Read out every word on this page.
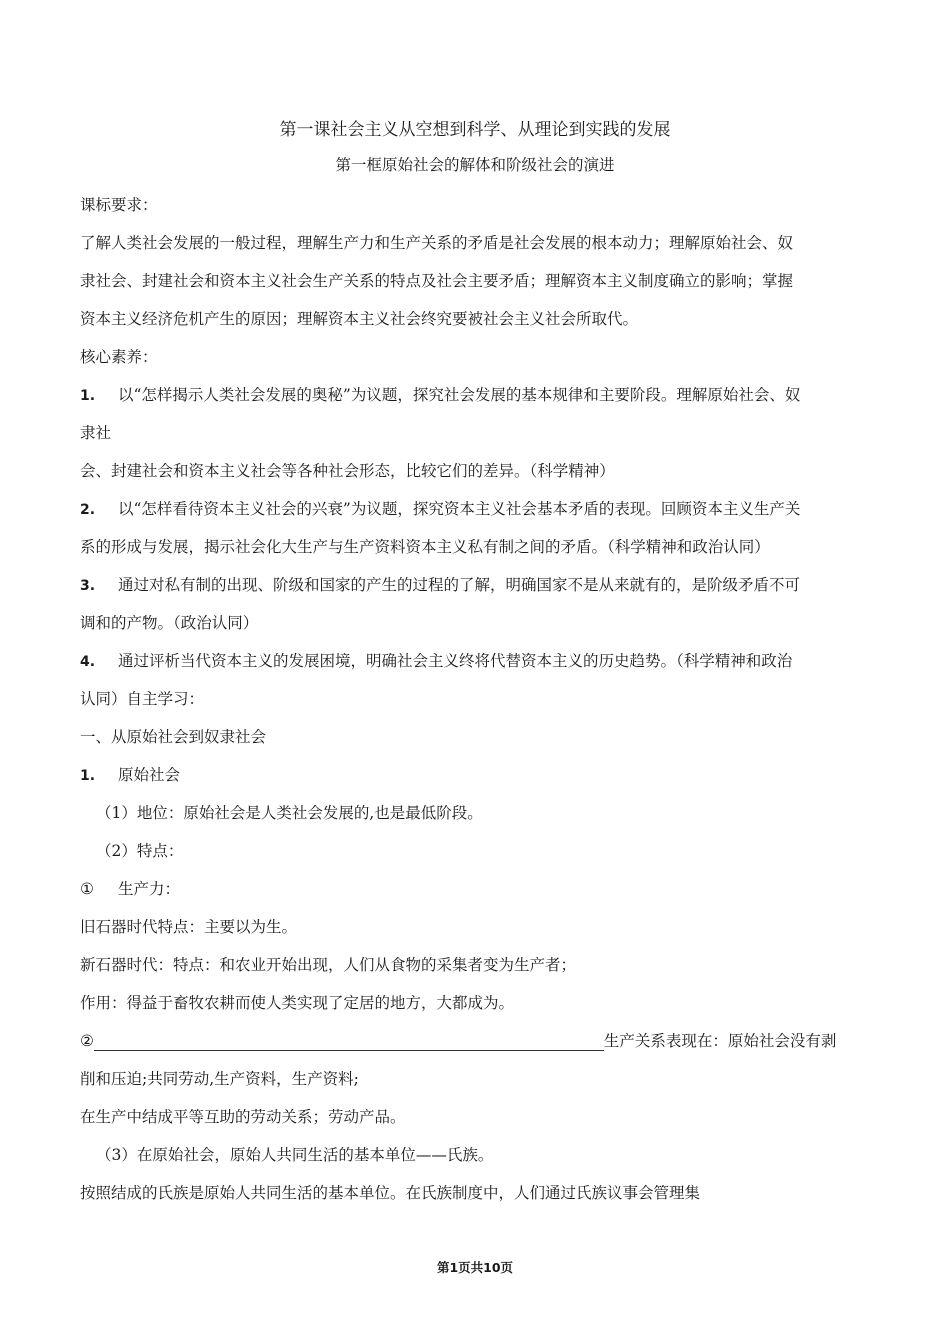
第一课社会主义从空想到科学、从理论到实践的发展
第一框原始社会的解体和阶级社会的演进
课标要求：
了解人类社会发展的一般过程，理解生产力和生产关系的矛盾是社会发展的根本动力；理解原始社会、奴
隶社会、封建社会和资本主义社会生产关系的特点及社会主要矛盾；理解资本主义制度确立的影响；掌握
资本主义经济危机产生的原因；理解资本主义社会终究要被社会主义社会所取代。
核心素养：
1. 以“怎样揭示人类社会发展的奥秘”为议题，探究社会发展的基本规律和主要阶段。理解原始社会、奴
隶社
会、封建社会和资本主义社会等各种社会形态，比较它们的差异。（科学精神）
2. 以“怎样看待资本主义社会的兴衰”为议题，探究资本主义社会基本矛盾的表现。回顾资本主义生产关
系的形成与发展，揭示社会化大生产与生产资料资本主义私有制之间的矛盾。（科学精神和政治认同）
3. 通过对私有制的出现、阶级和国家的产生的过程的了解，明确国家不是从来就有的，是阶级矛盾不可
调和的产物。（政治认同）
4. 通过评析当代资本主义的发展困境，明确社会主义终将代替资本主义的历史趋势。（科学精神和政治
认同）自主学习：
一、从原始社会到奴隶社会
1. 原始社会
（1）地位：原始社会是人类社会发展的,也是最低阶段。
（2）特点：
① 生产力：
旧石器时代特点：主要以为生。
新石器时代：特点：和农业开始出现，人们从食物的采集者变为生产者；
作用：得益于畜牧农耕而使人类实现了定居的地方，大都成为。
②	生产关系表现在：原始社会没有剥
削和压迫;共同劳动,生产资料，生产资料;
在生产中结成平等互助的劳动关系；劳动产品。
（3）在原始社会，原始人共同生活的基本单位——氏族。
按照结成的氏族是原始人共同生活的基本单位。在氏族制度中，人们通过氏族议事会管理集
第1页共10页
